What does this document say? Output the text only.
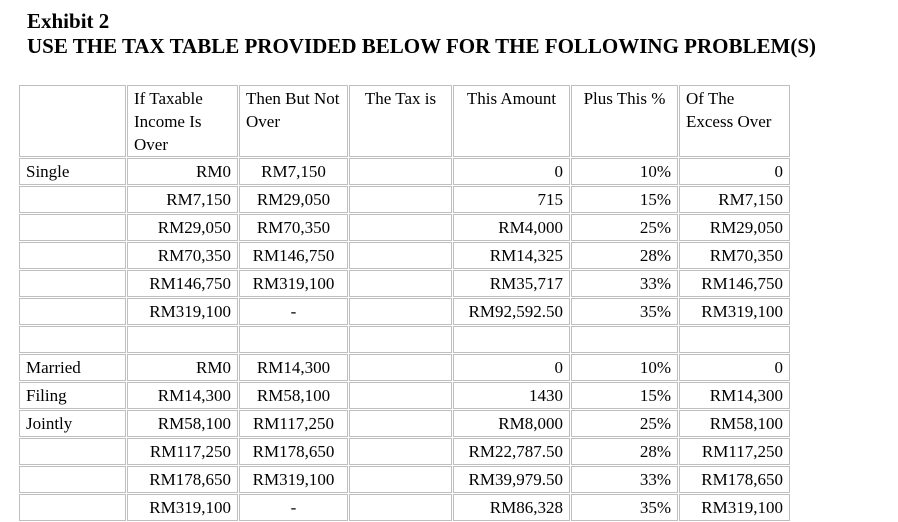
Exhibit 2
USE THE TAX TABLE PROVIDED BELOW FOR THE FOLLOWING PROBLEM(S)
	If Taxable Income Is Over	Then But Not Over	The Tax is	This Amount	Plus This %	Of The Excess Over
Single	RM0	RM7,150		0	10%	0
	RM7,150	RM29,050		715	15%	RM7,150
	RM29,050	RM70,350		RM4,000	25%	RM29,050
	RM70,350	RM146,750		RM14,325	28%	RM70,350
	RM146,750	RM319,100		RM35,717	33%	RM146,750
	RM319,100	-		RM92,592.50	35%	RM319,100

Married	RM0	RM14,300		0	10%	0
Filing	RM14,300	RM58,100		1430	15%	RM14,300
Jointly	RM58,100	RM117,250		RM8,000	25%	RM58,100
	RM117,250	RM178,650		RM22,787.50	28%	RM117,250
	RM178,650	RM319,100		RM39,979.50	33%	RM178,650
	RM319,100	-		RM86,328	35%	RM319,100
